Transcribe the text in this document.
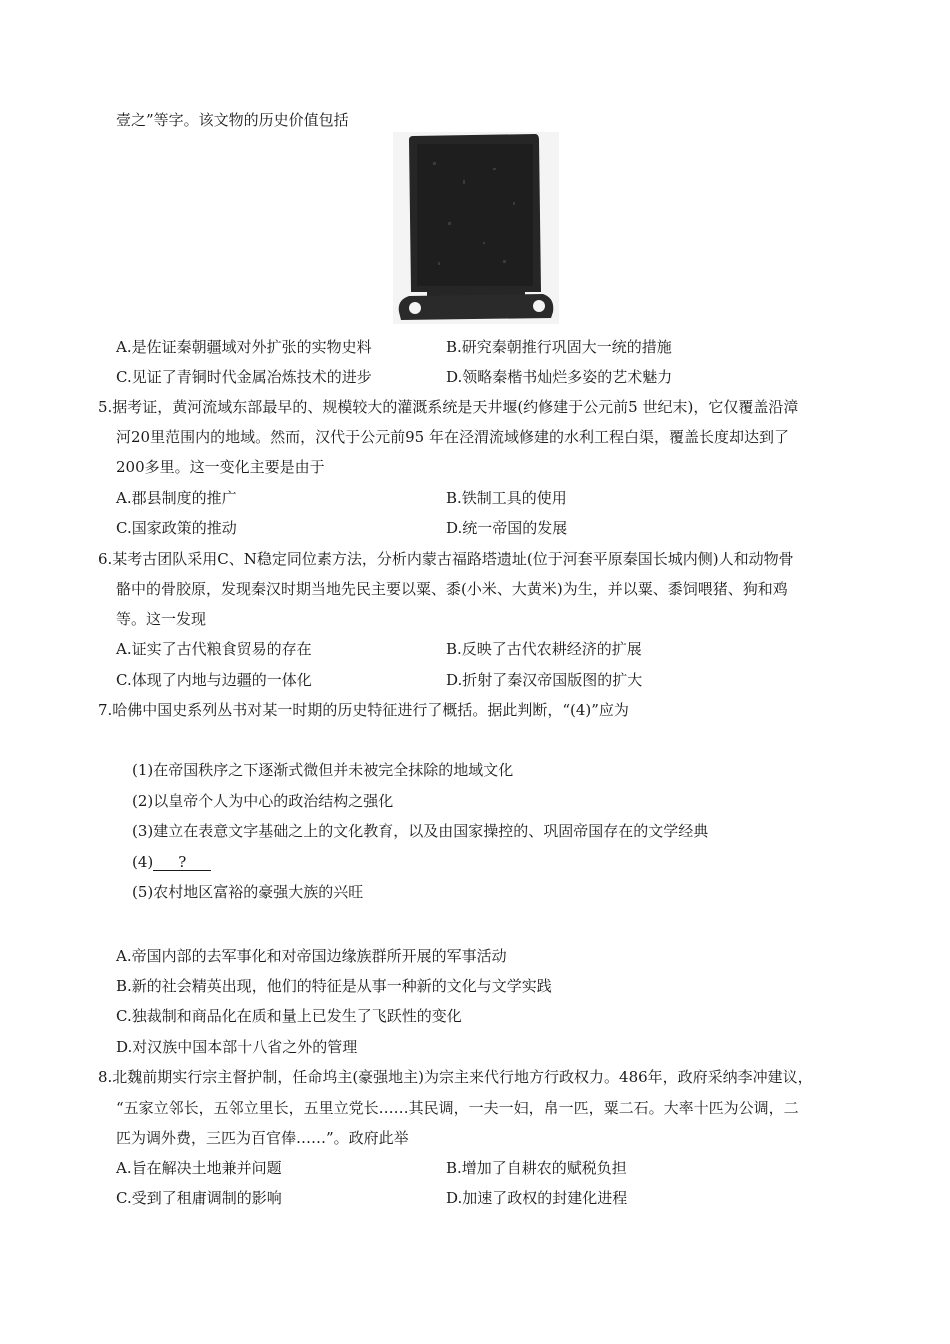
壹之”等字。该文物的历史价值包括
A.是佐证秦朝疆域对外扩张的实物史料	B.研究秦朝推行巩固大一统的措施
C.见证了青铜时代金属冶炼技术的进步	D.领略秦楷书灿烂多姿的艺术魅力
5.据考证，黄河流域东部最早的、规模较大的灌溉系统是天井堰(约修建于公元前5 世纪末)，它仅覆盖沿漳
河20里范围内的地域。然而，汉代于公元前95 年在泾渭流域修建的水利工程白渠，覆盖长度却达到了
200多里。这一变化主要是由于
A.郡县制度的推广	B.铁制工具的使用
C.国家政策的推动	D.统一帝国的发展
6.某考古团队采用C、N稳定同位素方法，分析内蒙古福路塔遗址(位于河套平原秦国长城内侧)人和动物骨
骼中的骨胶原，发现秦汉时期当地先民主要以粟、黍(小米、大黄米)为生，并以粟、黍饲喂猪、狗和鸡
等。这一发现
A.证实了古代粮食贸易的存在	B.反映了古代农耕经济的扩展
C.体现了内地与边疆的一体化	D.折射了秦汉帝国版图的扩大
7.哈佛中国史系列丛书对某一时期的历史特征进行了概括。据此判断，“(4)”应为
(1)在帝国秩序之下逐渐式微但并未被完全抹除的地域文化
(2)以皇帝个人为中心的政治结构之强化
(3)建立在表意文字基础之上的文化教育，以及由国家操控的、巩固帝国存在的文学经典
(4) ?
(5)农村地区富裕的豪强大族的兴旺
A.帝国内部的去军事化和对帝国边缘族群所开展的军事活动
B.新的社会精英出现，他们的特征是从事一种新的文化与文学实践
C.独裁制和商品化在质和量上已发生了飞跃性的变化
D.对汉族中国本部十八省之外的管理
8.北魏前期实行宗主督护制，任命坞主(豪强地主)为宗主来代行地方行政权力。486年，政府采纳李冲建议，
“五家立邻长，五邻立里长，五里立党长……其民调，一夫一妇，帛一匹，粟二石。大率十匹为公调，二
匹为调外费，三匹为百官俸……”。政府此举
A.旨在解决土地兼并问题	B.增加了自耕农的赋税负担
C.受到了租庸调制的影响	D.加速了政权的封建化进程
